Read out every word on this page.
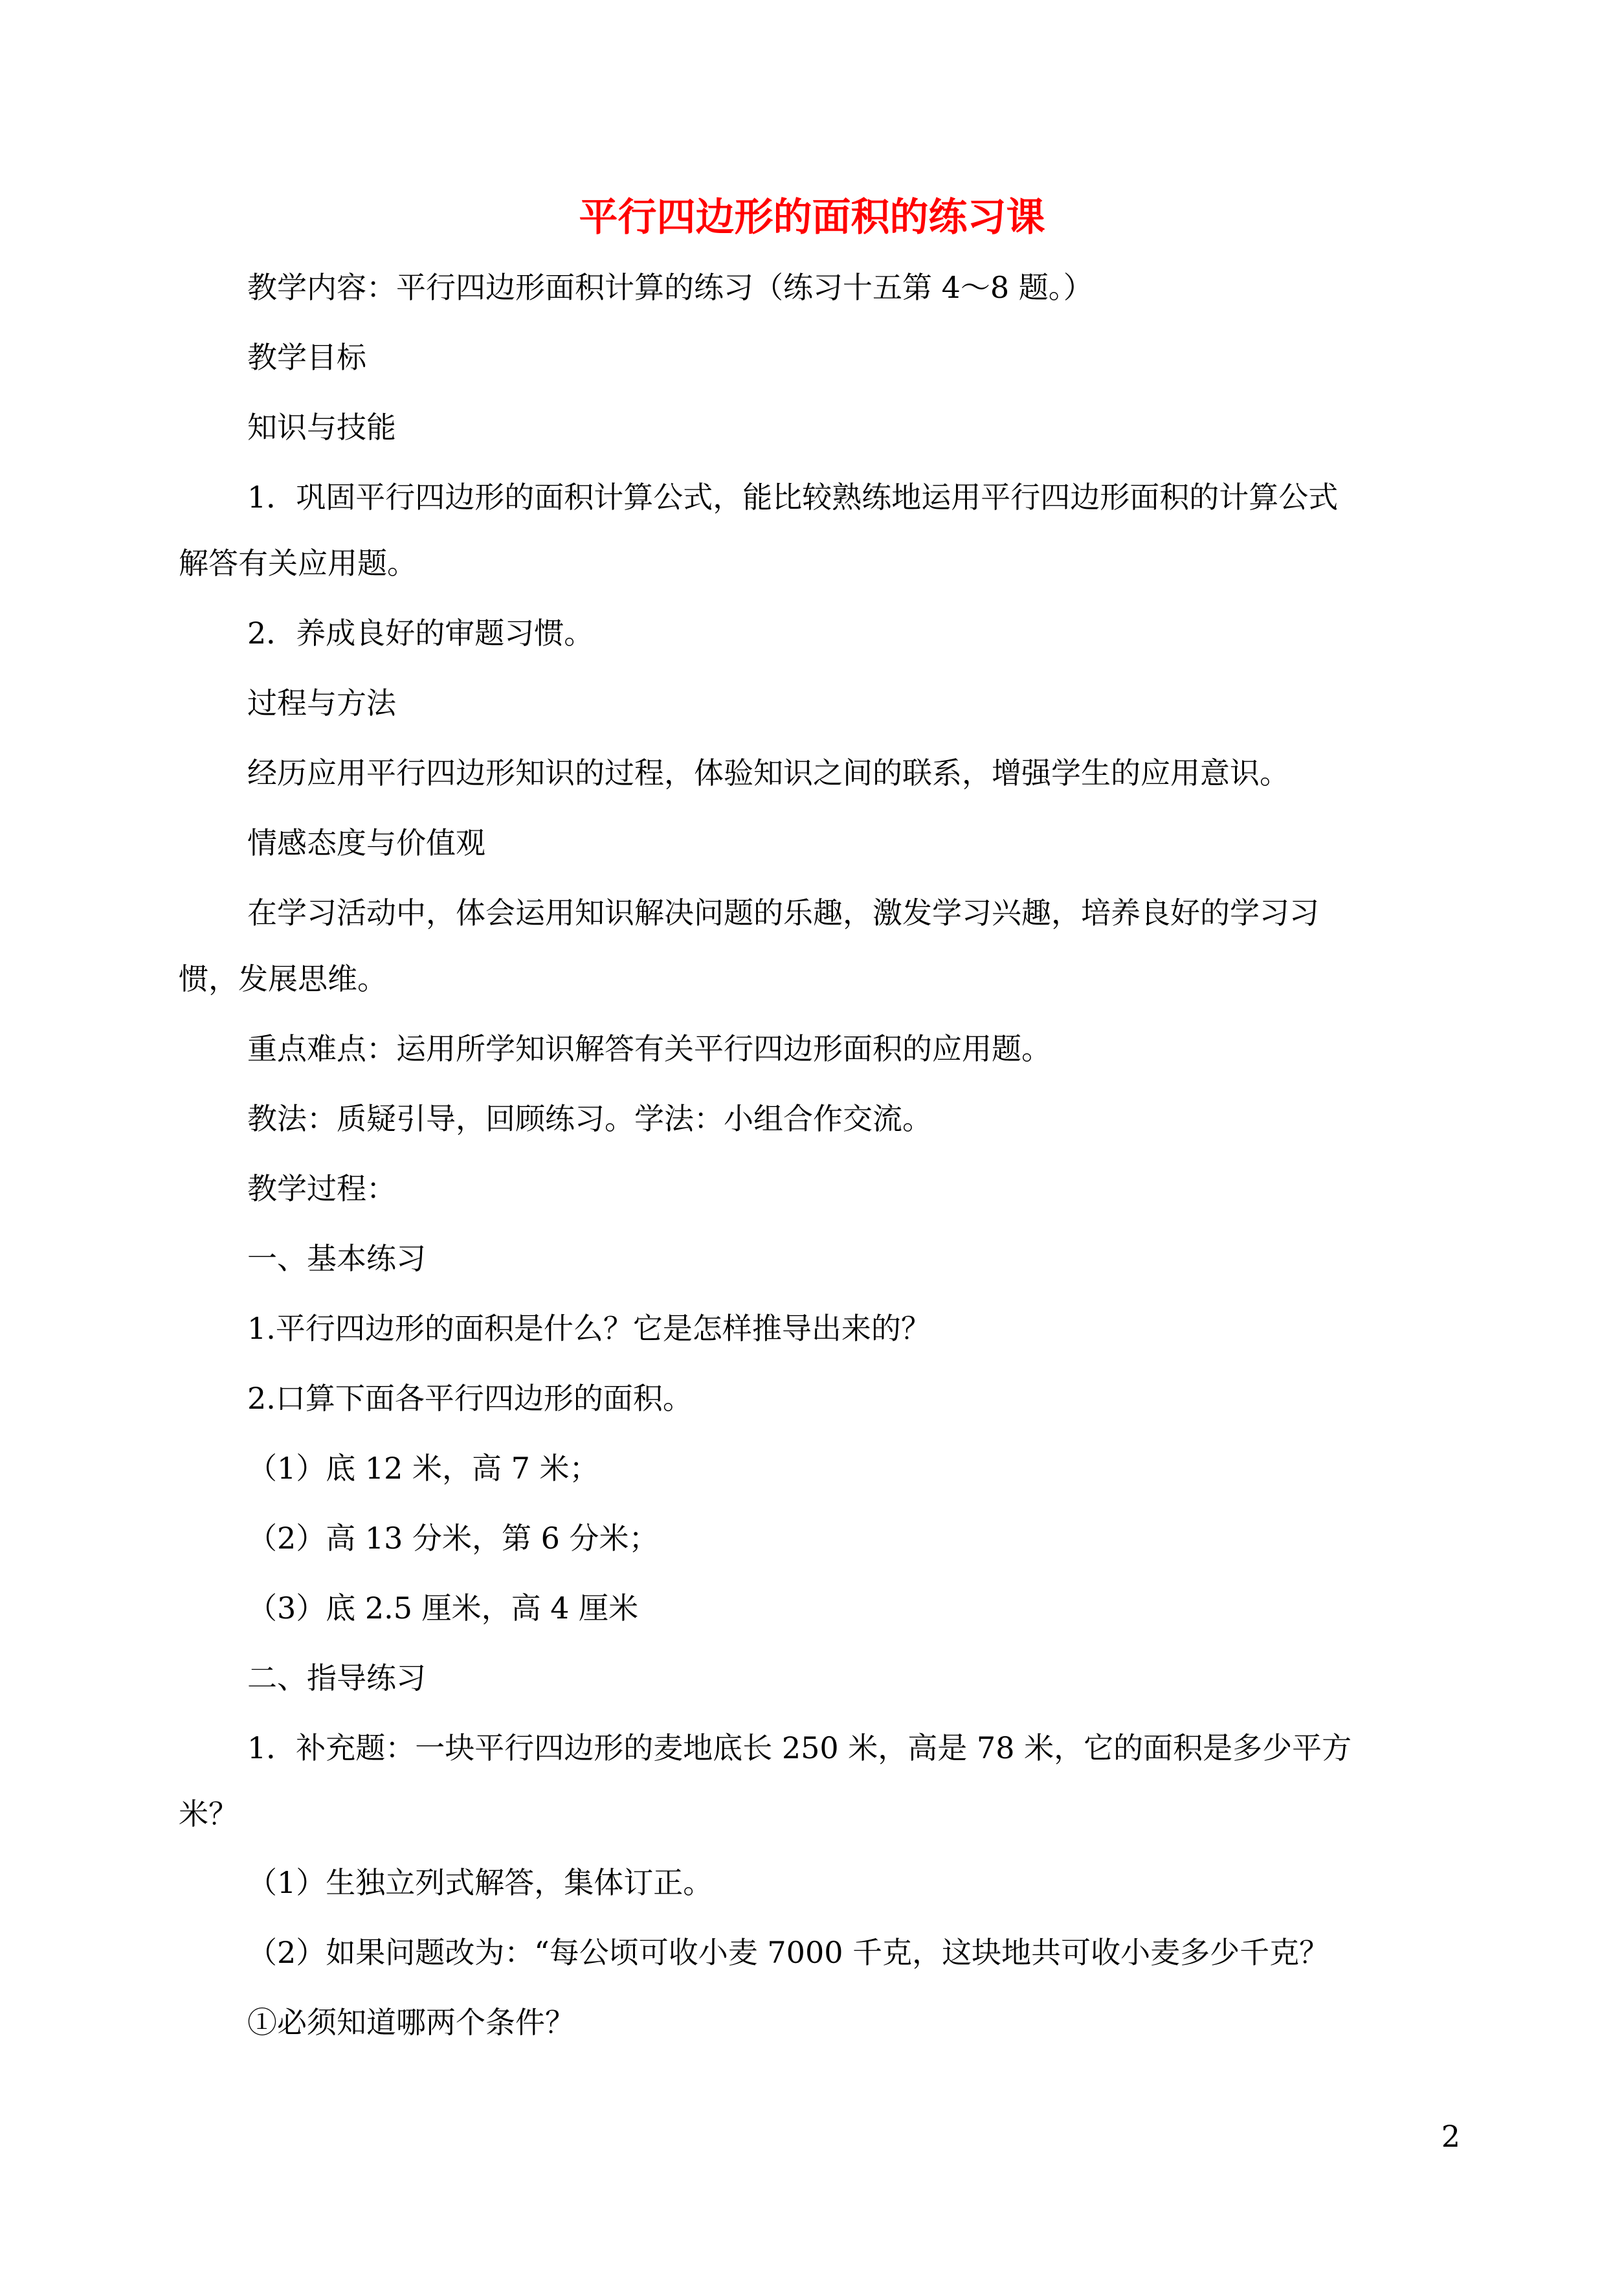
平行四边形的面积的练习课
教学内容：平行四边形面积计算的练习（练习十五第 4～8 题。）
教学目标
知识与技能
1．巩固平行四边形的面积计算公式，能比较熟练地运用平行四边形面积的计算公式
解答有关应用题。
2．养成良好的审题习惯。
过程与方法
经历应用平行四边形知识的过程，体验知识之间的联系，增强学生的应用意识。
情感态度与价值观
在学习活动中，体会运用知识解决问题的乐趣，激发学习兴趣，培养良好的学习习
惯，发展思维。
重点难点：运用所学知识解答有关平行四边形面积的应用题。
教法：质疑引导，回顾练习。学法：小组合作交流。
教学过程：
一、基本练习
1.平行四边形的面积是什么？它是怎样推导出来的？
2.口算下面各平行四边形的面积。
（1）底 12 米，高 7 米；
（2）高 13 分米，第 6 分米；
（3）底 2.5 厘米，高 4 厘米
二、指导练习
1．补充题：一块平行四边形的麦地底长 250 米，高是 78 米，它的面积是多少平方
米？
（1）生独立列式解答，集体订正。
（2）如果问题改为：“每公顷可收小麦 7000 千克，这块地共可收小麦多少千克？
①必须知道哪两个条件？
2
